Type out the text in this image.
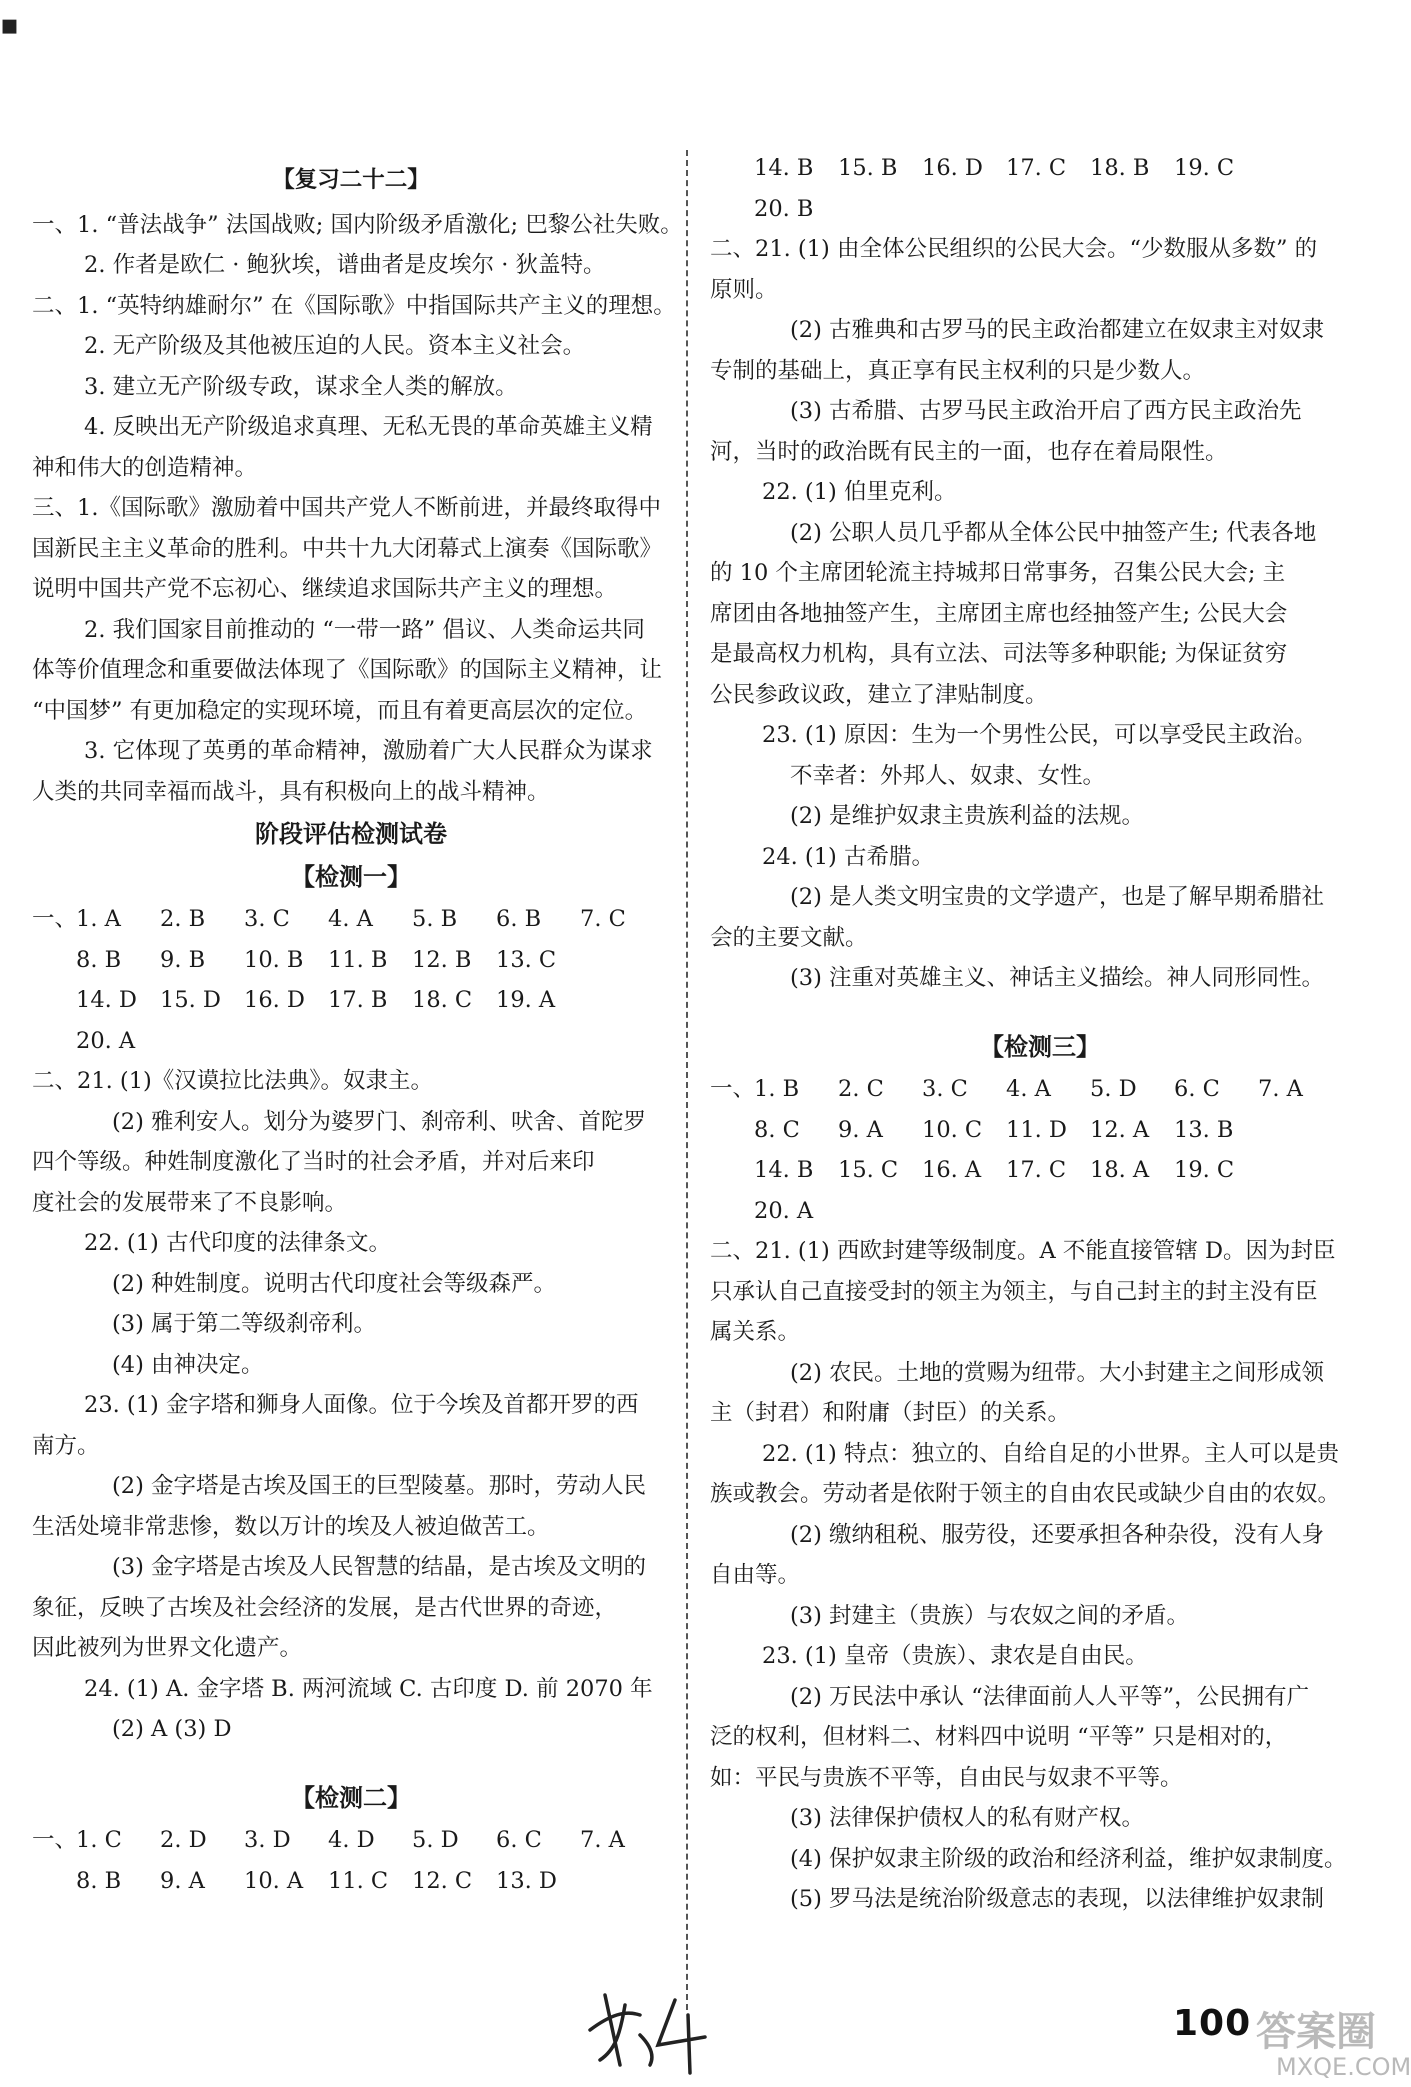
▪
【复习二十二】
一、1. “普法战争” 法国战败; 国内阶级矛盾激化; 巴黎公社失败。
2. 作者是欧仁 · 鲍狄埃，谱曲者是皮埃尔 · 狄盖特。
二、1. “英特纳雄耐尔” 在《国际歌》中指国际共产主义的理想。
2. 无产阶级及其他被压迫的人民。资本主义社会。
3. 建立无产阶级专政，谋求全人类的解放。
4. 反映出无产阶级追求真理、无私无畏的革命英雄主义精
神和伟大的创造精神。
三、1.《国际歌》激励着中国共产党人不断前进，并最终取得中
国新民主主义革命的胜利。中共十九大闭幕式上演奏《国际歌》
说明中国共产党不忘初心、继续追求国际共产主义的理想。
2. 我们国家目前推动的 “一带一路” 倡议、人类命运共同
体等价值理念和重要做法体现了《国际歌》的国际主义精神，让
“中国梦” 有更加稳定的实现环境，而且有着更高层次的定位。
3. 它体现了英勇的革命精神，激励着广大人民群众为谋求
人类的共同幸福而战斗，具有积极向上的战斗精神。
阶段评估检测试卷
【检测一】
一、
1. A	2. B	3. C	4. A	5. B	6. B	7. C
8. B	9. B	10. B	11. B	12. B	13. C
14. D	15. D	16. D	17. B	18. C	19. A
20. A
二、21. (1)《汉谟拉比法典》。奴隶主。
(2) 雅利安人。划分为婆罗门、刹帝利、吠舍、首陀罗
四个等级。种姓制度激化了当时的社会矛盾，并对后来印
度社会的发展带来了不良影响。
22. (1) 古代印度的法律条文。
(2) 种姓制度。说明古代印度社会等级森严。
(3) 属于第二等级刹帝利。
(4) 由神决定。
23. (1) 金字塔和狮身人面像。位于今埃及首都开罗的西
南方。
(2) 金字塔是古埃及国王的巨型陵墓。那时，劳动人民
生活处境非常悲惨，数以万计的埃及人被迫做苦工。
(3) 金字塔是古埃及人民智慧的结晶，是古埃及文明的
象征，反映了古埃及社会经济的发展，是古代世界的奇迹，
因此被列为世界文化遗产。
24. (1) A. 金字塔 B. 两河流域 C. 古印度 D. 前 2070 年
(2) A (3) D
【检测二】
一、
1. C	2. D	3. D	4. D	5. D	6. C	7. A
8. B	9. A	10. A	11. C	12. C	13. D
14. B	15. B	16. D	17. C	18. B	19. C
20. B
二、21. (1) 由全体公民组织的公民大会。“少数服从多数” 的
原则。
(2) 古雅典和古罗马的民主政治都建立在奴隶主对奴隶
专制的基础上，真正享有民主权利的只是少数人。
(3) 古希腊、古罗马民主政治开启了西方民主政治先
河，当时的政治既有民主的一面，也存在着局限性。
22. (1) 伯里克利。
(2) 公职人员几乎都从全体公民中抽签产生; 代表各地
的 10 个主席团轮流主持城邦日常事务，召集公民大会; 主
席团由各地抽签产生，主席团主席也经抽签产生; 公民大会
是最高权力机构，具有立法、司法等多种职能; 为保证贫穷
公民参政议政，建立了津贴制度。
23. (1) 原因：生为一个男性公民，可以享受民主政治。
不幸者：外邦人、奴隶、女性。
(2) 是维护奴隶主贵族利益的法规。
24. (1) 古希腊。
(2) 是人类文明宝贵的文学遗产，也是了解早期希腊社
会的主要文献。
(3) 注重对英雄主义、神话主义描绘。神人同形同性。
【检测三】
一、
1. B	2. C	3. C	4. A	5. D	6. C	7. A
8. C	9. A	10. C	11. D	12. A	13. B
14. B	15. C	16. A	17. C	18. A	19. C
20. A
二、21. (1) 西欧封建等级制度。A 不能直接管辖 D。因为封臣
只承认自己直接受封的领主为领主，与自己封主的封主没有臣
属关系。
(2) 农民。土地的赏赐为纽带。大小封建主之间形成领
主（封君）和附庸（封臣）的关系。
22. (1) 特点：独立的、自给自足的小世界。主人可以是贵
族或教会。劳动者是依附于领主的自由农民或缺少自由的农奴。
(2) 缴纳租税、服劳役，还要承担各种杂役，没有人身
自由等。
(3) 封建主（贵族）与农奴之间的矛盾。
23. (1) 皇帝（贵族）、隶农是自由民。
(2) 万民法中承认 “法律面前人人平等”，公民拥有广
泛的权利，但材料二、材料四中说明 “平等” 只是相对的，
如：平民与贵族不平等，自由民与奴隶不平等。
(3) 法律保护债权人的私有财产权。
(4) 保护奴隶主阶级的政治和经济利益，维护奴隶制度。
(5) 罗马法是统治阶级意志的表现，以法律维护奴隶制
100 答案圈
MXQE.COM
